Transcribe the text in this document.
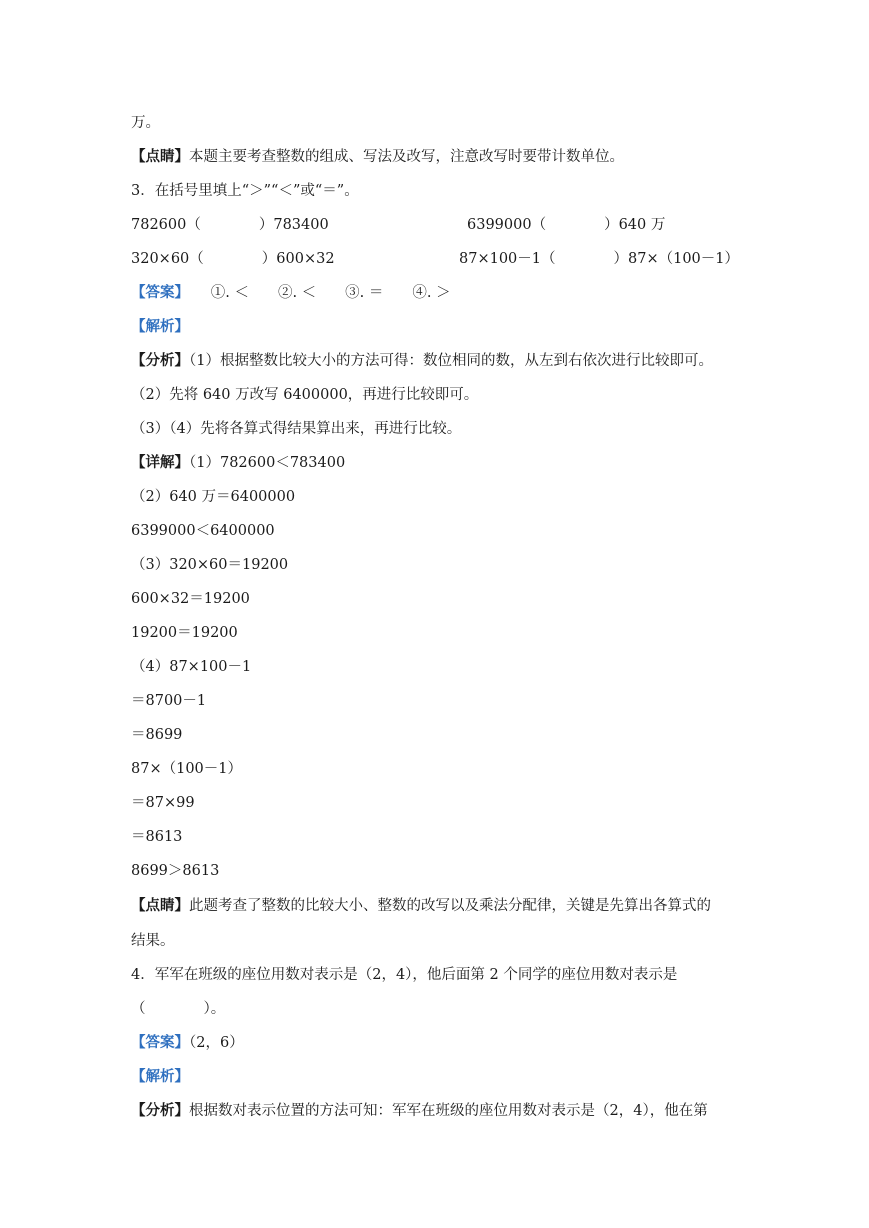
万。
【点睛】本题主要考查整数的组成、写法及改写，注意改写时要带计数单位。
3．在括号里填上“＞”“＜”或“＝”。
782600（　　　　）783400	6399000（　　　　）640 万
320×60（　　　　）600×32	87×100－1（　　　　）87×（100－1）
【答案】　　①. ＜　　②. ＜　　③. ＝　　④. ＞
【解析】
【分析】（1）根据整数比较大小的方法可得：数位相同的数，从左到右依次进行比较即可。
（2）先将 640 万改写 6400000，再进行比较即可。
（3）（4）先将各算式得结果算出来，再进行比较。
【详解】（1）782600＜783400
（2）640 万＝6400000
6399000＜6400000
（3）320×60＝19200
600×32＝19200
19200＝19200
（4）87×100－1
＝8700－1
＝8699
87×（100－1）
＝87×99
＝8613
8699＞8613
【点睛】此题考查了整数的比较大小、整数的改写以及乘法分配律，关键是先算出各算式的
结果。
4．军军在班级的座位用数对表示是（2，4），他后面第 2 个同学的座位用数对表示是
（　　　　）。
【答案】（2，6）
【解析】
【分析】根据数对表示位置的方法可知：军军在班级的座位用数对表示是（2，4），他在第
